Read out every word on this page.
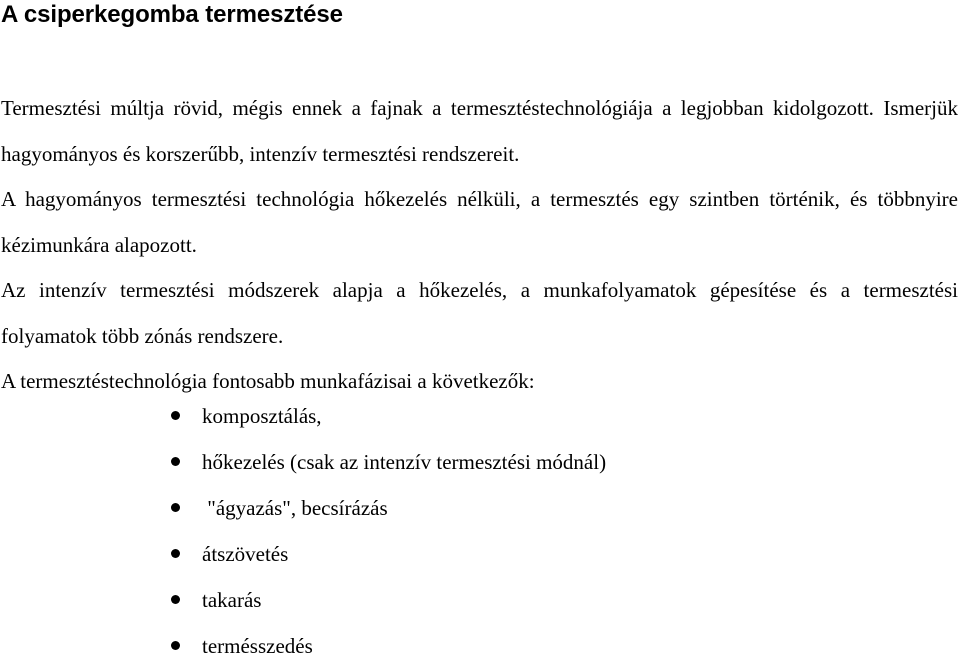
A csiperkegomba termesztése

Termesztési múltja rövid, mégis ennek a fajnak a termesztéstechnológiája a legjobban kidolgozott. Ismerjük hagyományos és korszerűbb, intenzív termesztési rendszereit.

A hagyományos termesztési technológia hőkezelés nélküli, a termesztés egy szintben történik, és többnyire kézimunkára alapozott.

Az intenzív termesztési módszerek alapja a hőkezelés, a munkafolyamatok gépesítése és a termesztési folyamatok több zónás rendszere.

A termesztéstechnológia fontosabb munkafázisai a következők:

komposztálás,
hőkezelés (csak az intenzív termesztési módnál)
"ágyazás", becsírázás
átszövetés
takarás
termésszedés
